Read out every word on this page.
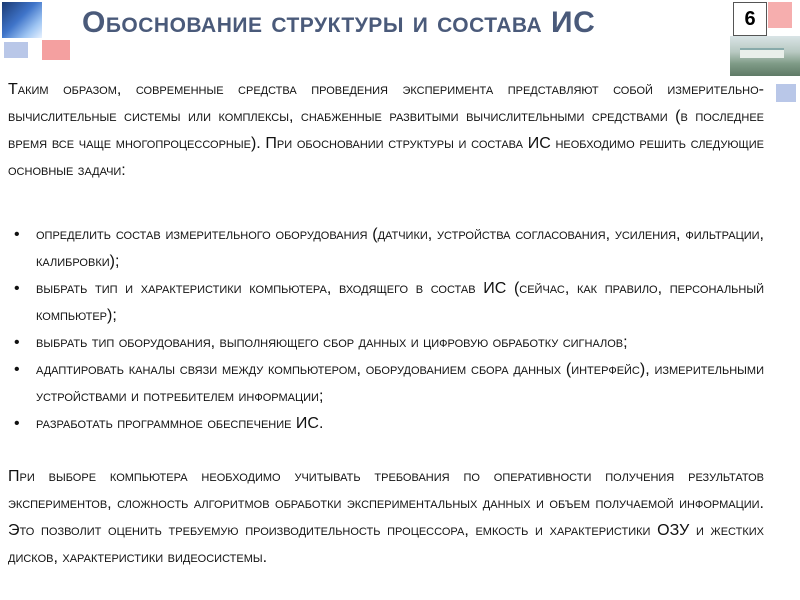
Обоснование структуры и состава ИС	6
Таким образом, современные средства проведения эксперимента представляют собой измерительно-вычислительные системы или комплексы, снабженные развитыми вычислительными средствами (в последнее время все чаще многопроцессорные). При обосновании структуры и состава ИС необходимо решить следующие основные задачи:
• определить состав измерительного оборудования (датчики, устройства согласования, усиления, фильтрации, калибровки);
• выбрать тип и характеристики компьютера, входящего в состав ИС (сейчас, как правило, персональный компьютер);
• выбрать тип оборудования, выполняющего сбор данных и цифровую обработку сигналов;
• адаптировать каналы связи между компьютером, оборудованием сбора данных (интерфейс), измерительными устройствами и потребителем информации;
• разработать программное обеспечение ИС.
При выборе компьютера необходимо учитывать требования по оперативности получения результатов экспериментов, сложность алгоритмов обработки экспериментальных данных и объем получаемой информации. Это позволит оценить требуемую производительность процессора, емкость и характеристики ОЗУ и жестких дисков, характеристики видеосистемы.
